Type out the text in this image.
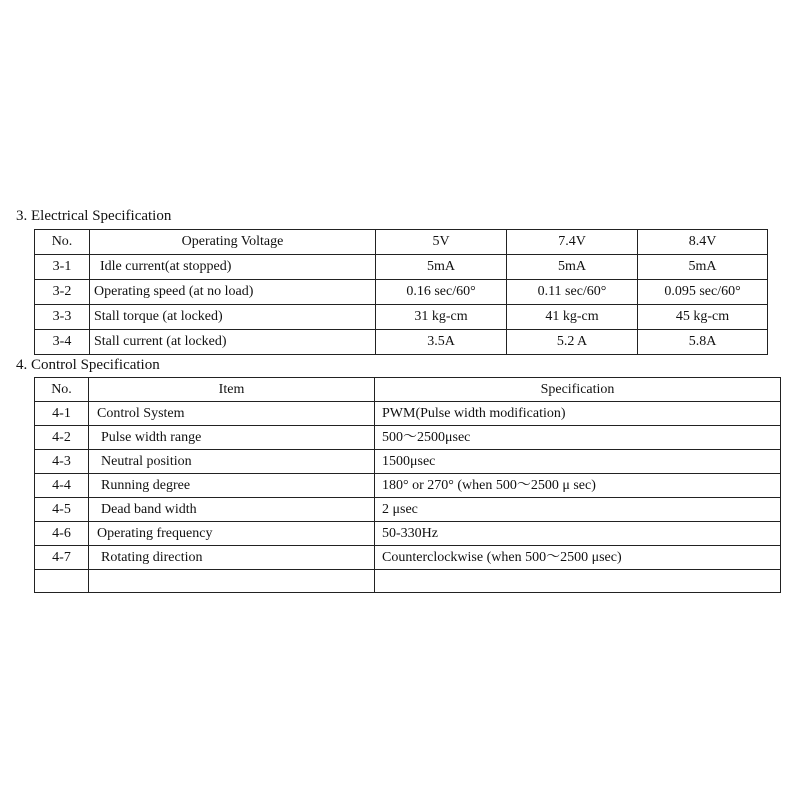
3. Electrical Specification
No.	Operating Voltage	5V	7.4V	8.4V
3-1	Idle current(at stopped)	5mA	5mA	5mA
3-2	Operating speed (at no load)	0.16 sec/60°	0.11 sec/60°	0.095 sec/60°
3-3	Stall torque (at locked)	31 kg-cm	41 kg-cm	45 kg-cm
3-4	Stall current (at locked)	3.5A	5.2 A	5.8A
4. Control Specification
No.	Item	Specification
4-1	Control System	PWM(Pulse width modification)
4-2	Pulse width range	500～2500μsec
4-3	Neutral position	1500μsec
4-4	Running degree	180° or 270° (when 500～2500 μ sec)
4-5	Dead band width	2 μsec
4-6	Operating frequency	50-330Hz
4-7	Rotating direction	Counterclockwise (when 500～2500 μsec)
